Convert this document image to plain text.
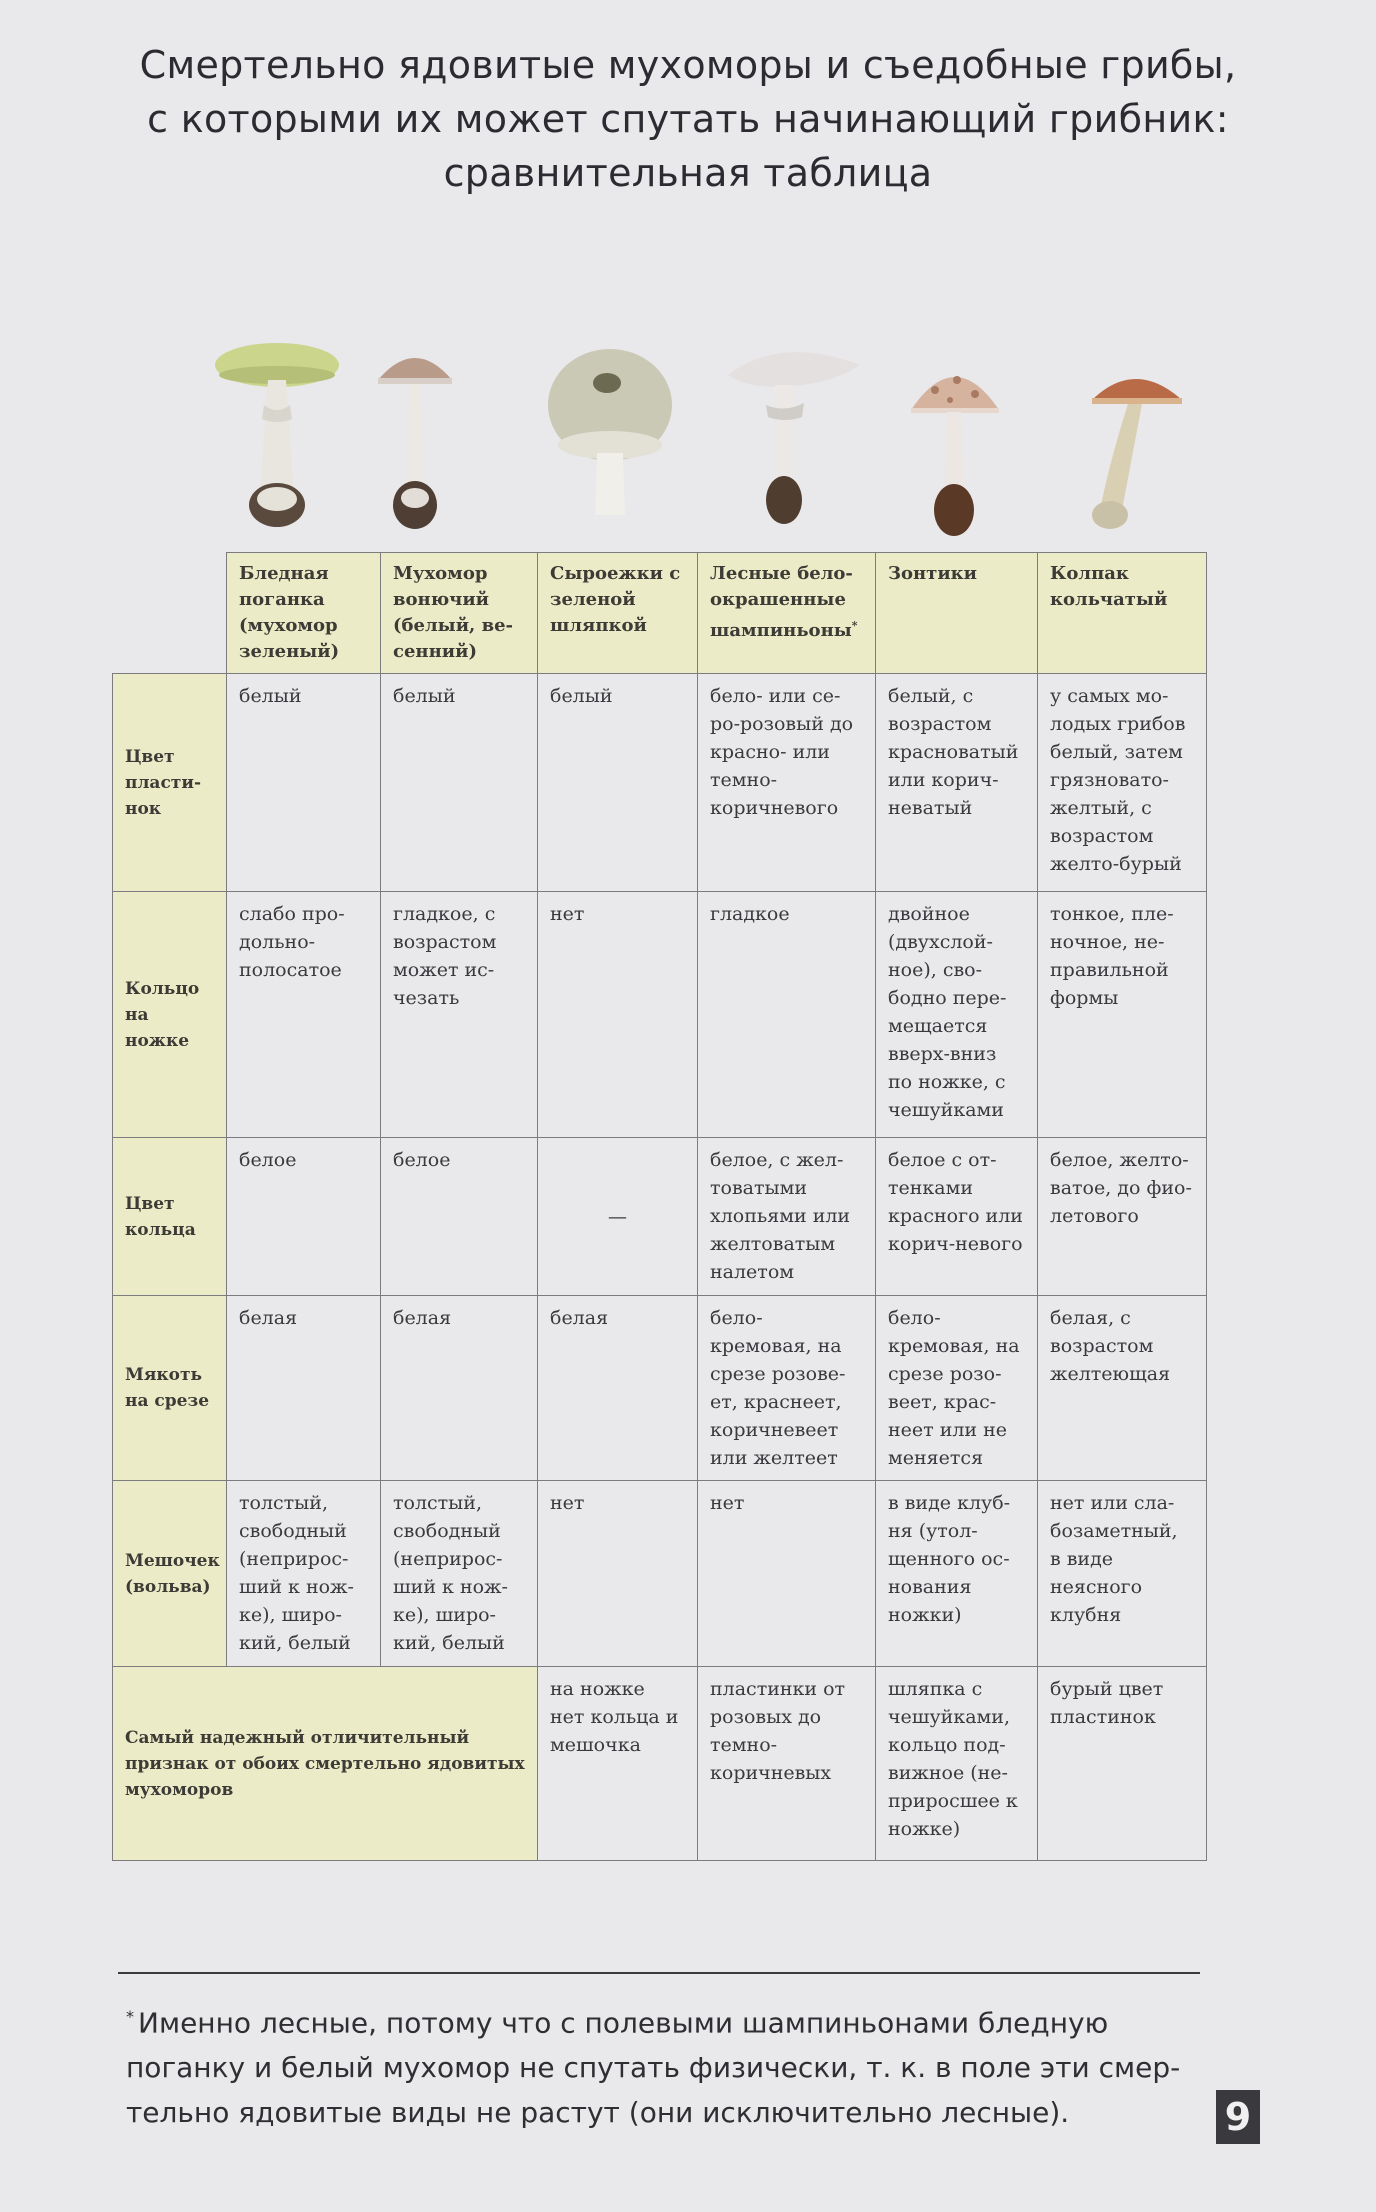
Смертельно ядовитые мухоморы и съедобные грибы,
с которыми их может спутать начинающий грибник:
сравнительная таблица
	Бледная поганка (мухомор зеленый)	Мухомор вонючий (белый, ве-сенний)	Сыроежки с зеленой шляпкой	Лесные бело-окрашенные шампиньоны*	Зонтики	Колпак кольчатый
Цвет пласти-нок	белый	белый	белый	бело- или се-ро-розовый до красно- или темно-коричневого	белый, с возрастом красноватый или корич-неватый	у самых мо-лодых грибов белый, затем грязновато-желтый, с возрастом желто-бурый
Кольцо на ножке	слабо про-дольно-полосатое	гладкое, с возрастом может ис-чезать	нет	гладкое	двойное (двухслой-ное), сво-бодно пере-мещается вверх-вниз по ножке, с чешуйками	тонкое, пле-ночное, не-правильной формы
Цвет кольца	белое	белое	—	белое, с жел-товатыми хлопьями или желтоватым налетом	белое с от-тенками красного или корич-невого	белое, желто-ватое, до фио-летового
Мякоть на срезе	белая	белая	белая	бело-кремовая, на срезе розове-ет, краснеет, коричневеет или желтеет	бело-кремовая, на срезе розо-веет, крас-неет или не меняется	белая, с возрастом желтеющая
Мешочек (вольва)	толстый, свободный (неприрос-ший к нож-ке), широ-кий, белый	толстый, свободный (неприрос-ший к нож-ке), широ-кий, белый	нет	нет	в виде клуб-ня (утол-щенного ос-нования ножки)	нет или сла-бозаметный, в виде неясного клубня
Самый надежный отличительный признак от обоих смертельно ядовитых мухоморов			на ножке нет кольца и мешочка	пластинки от розовых до темно-коричневых	шляпка с чешуйками, кольцо под-вижное (не-приросшее к ножке)	бурый цвет пластинок
* Именно лесные, потому что с полевыми шампиньонами бледную поганку и белый мухомор не спутать физически, т. к. в поле эти смер-тельно ядовитые виды не растут (они исключительно лесные).	9
